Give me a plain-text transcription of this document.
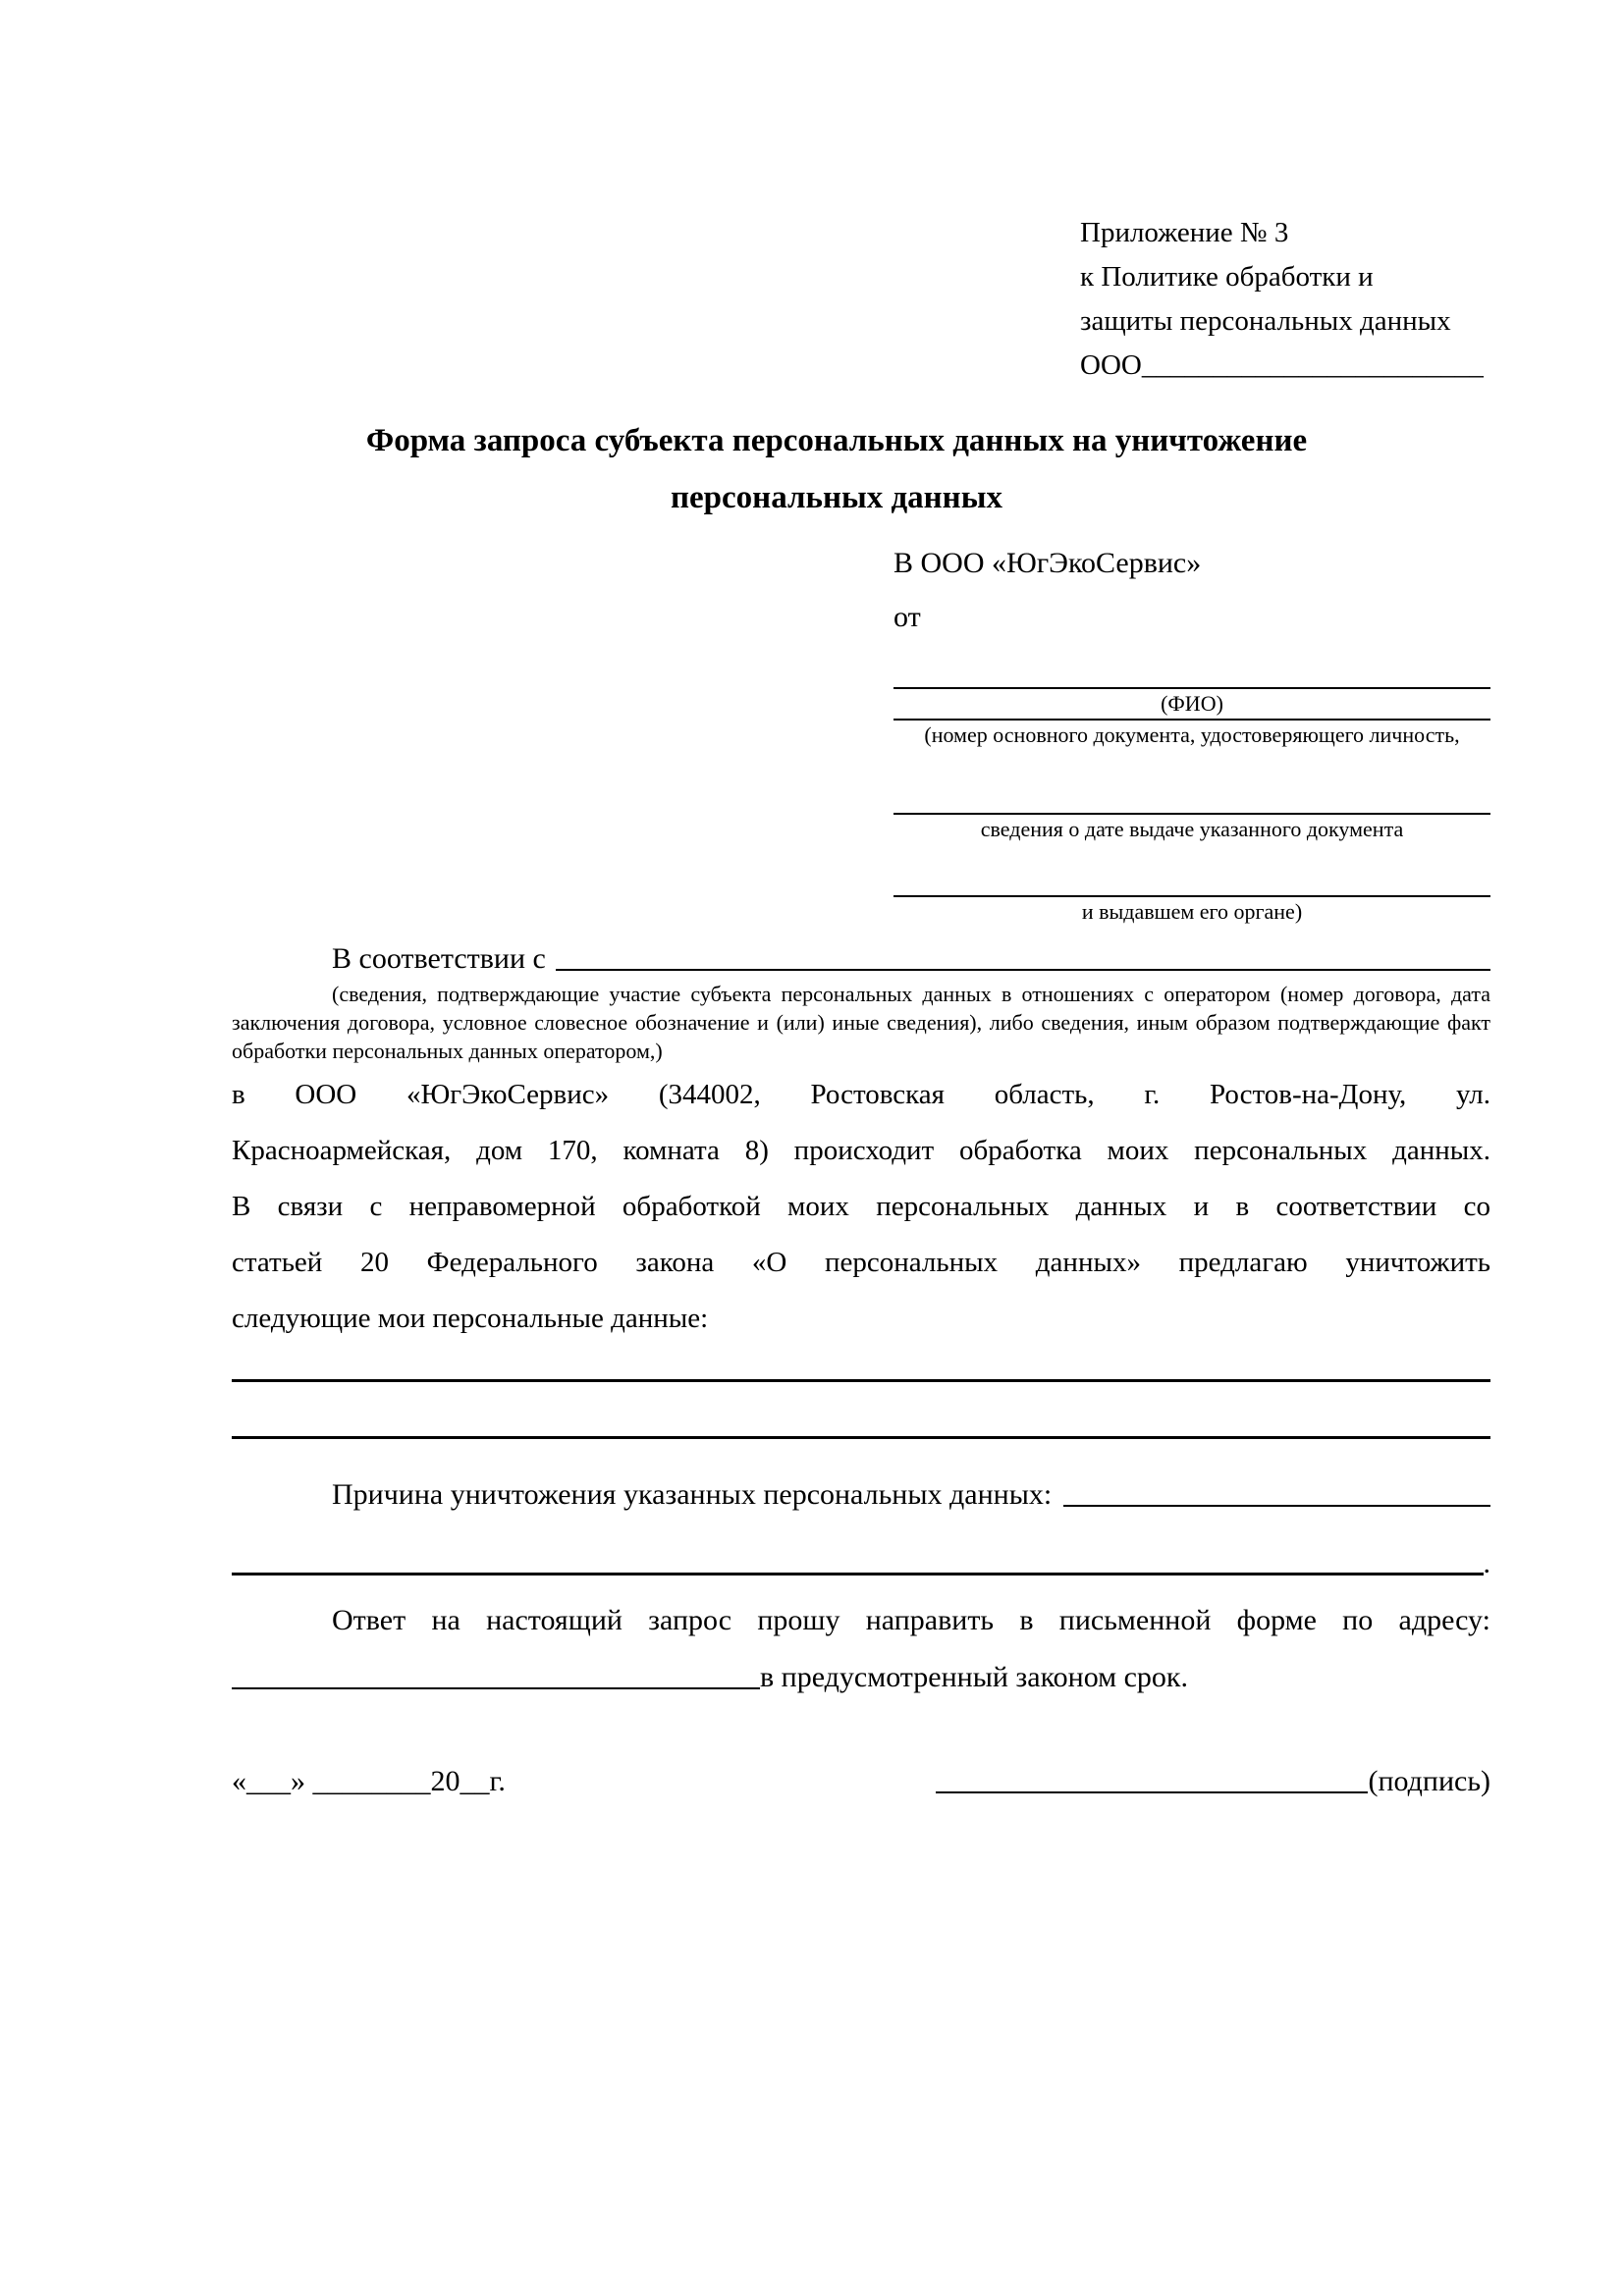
Приложение № 3
к Политике обработки и
защиты персональных данных
ООО________________________
Форма запроса субъекта персональных данных на уничтожение
персональных данных
В ООО «ЮгЭкоСервис»
от
(ФИО)
(номер основного документа, удостоверяющего личность,
сведения о дате выдаче указанного документа
и выдавшем его органе)
В соответствии с
(сведения, подтверждающие участие субъекта персональных данных в отношениях с оператором (номер договора, дата
заключения договора, условное словесное обозначение и (или) иные сведения), либо сведения, иным образом подтверждающие факт
обработки персональных данных оператором,)
в ООО «ЮгЭкоСервис» (344002, Ростовская область, г. Ростов-на-Дону, ул.
Красноармейская, дом 170, комната 8) происходит обработка моих персональных данных.
В связи с неправомерной обработкой моих персональных данных и в соответствии со
статьей 20 Федерального закона «О персональных данных» предлагаю уничтожить
следующие мои персональные данные:
Причина уничтожения указанных персональных данных:
.
Ответ на настоящий запрос прошу направить в письменной форме по адресу:
в предусмотренный законом срок.
«___» ________20__г.	(подпись)
